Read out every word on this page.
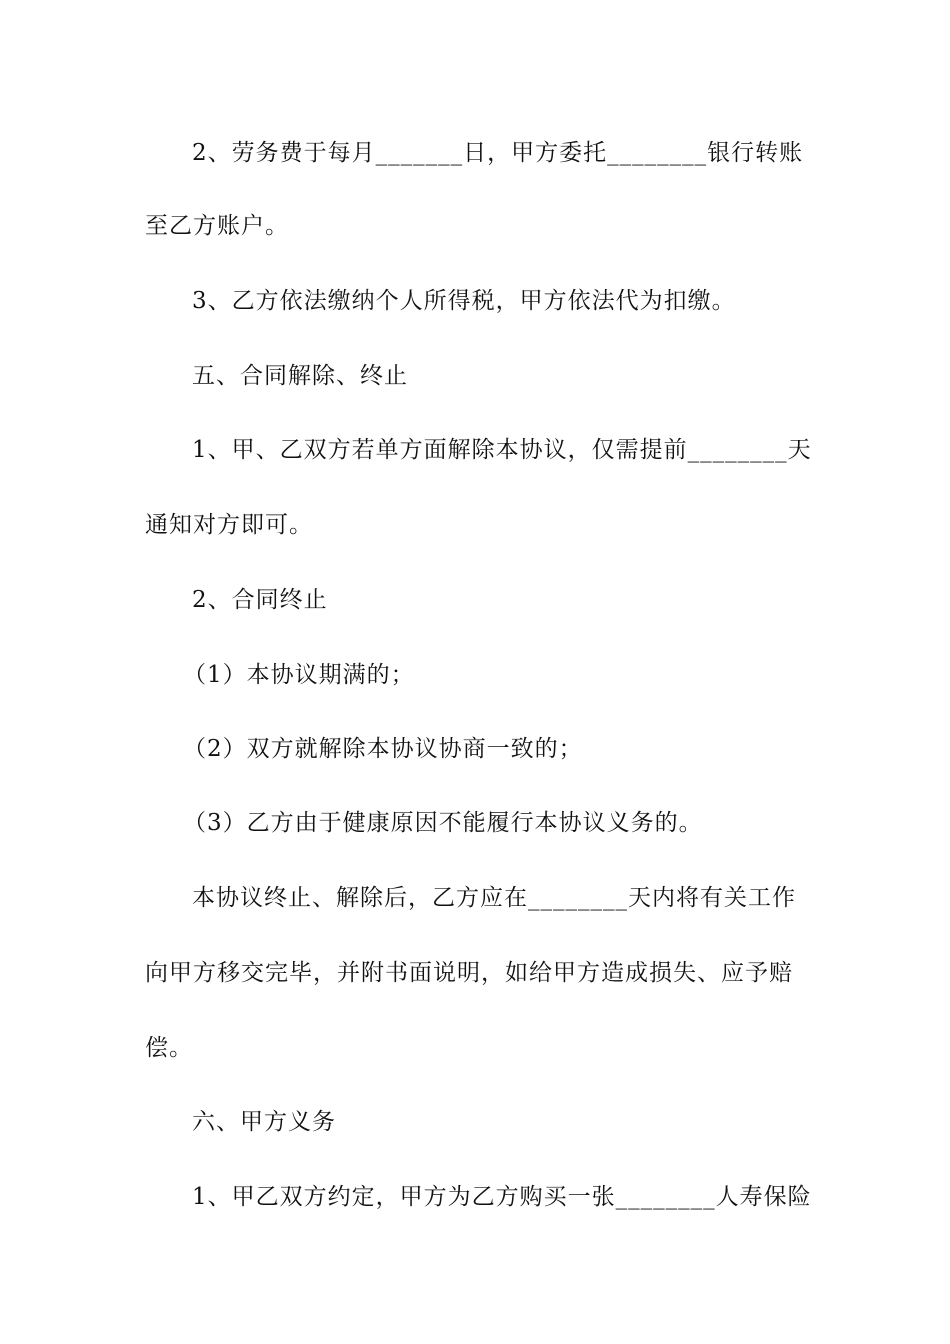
2、劳务费于每月_______日，甲方委托________银行转账
至乙方账户。
3、乙方依法缴纳个人所得税，甲方依法代为扣缴。
五、合同解除、终止
1、甲、乙双方若单方面解除本协议，仅需提前________天
通知对方即可。
2、合同终止
（1）本协议期满的；
（2）双方就解除本协议协商一致的；
（3）乙方由于健康原因不能履行本协议义务的。
本协议终止、解除后，乙方应在________天内将有关工作
向甲方移交完毕，并附书面说明，如给甲方造成损失、应予赔
偿。
六、甲方义务
1、甲乙双方约定，甲方为乙方购买一张________人寿保险
